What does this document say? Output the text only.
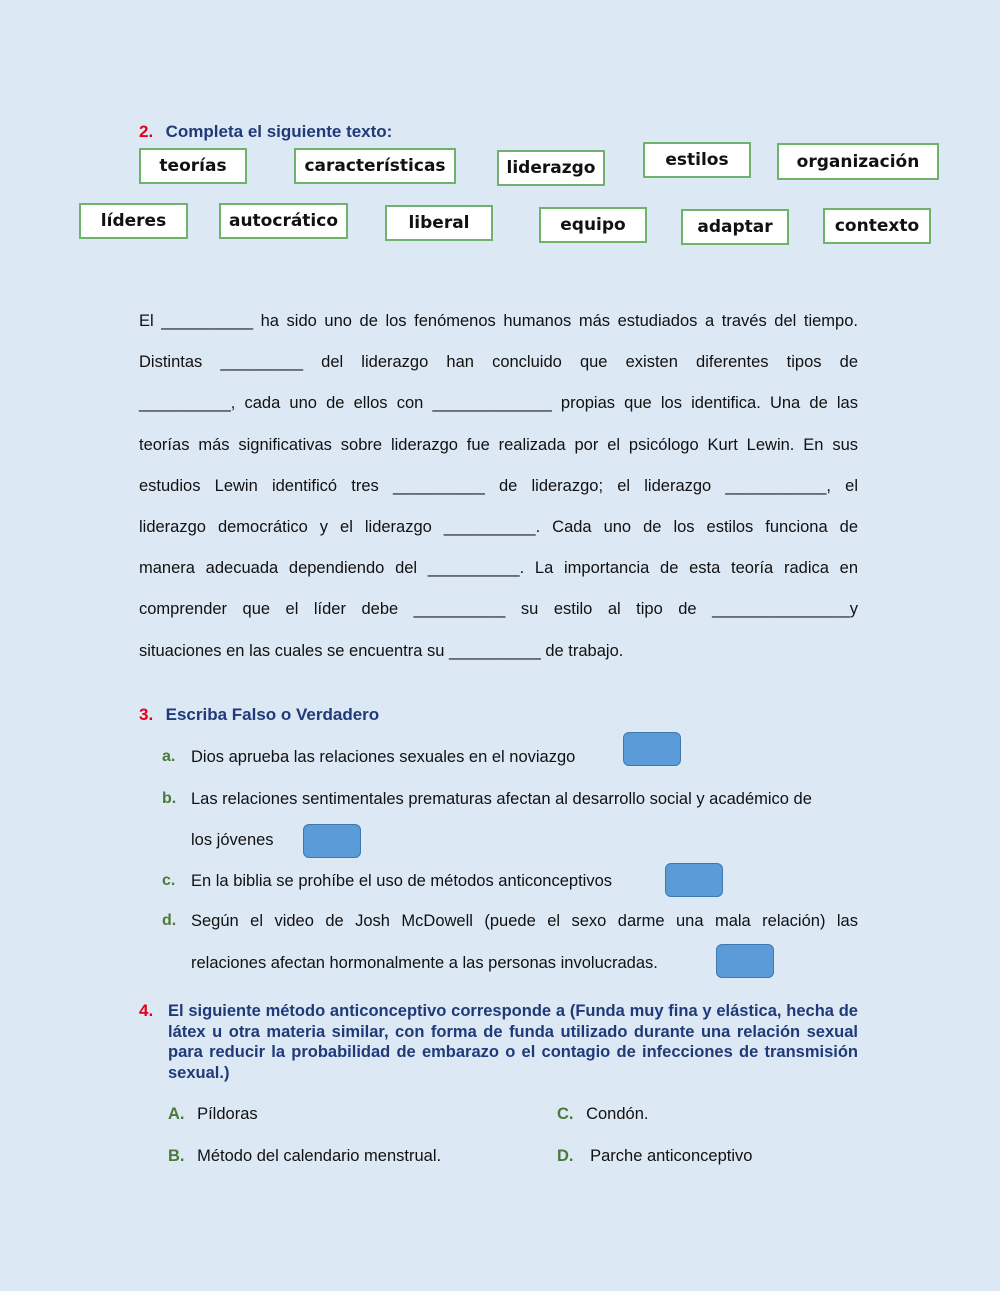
2. Completa el siguiente texto:
teorías	características	liderazgo	estilos	organización
líderes	autocrático	liberal	equipo	adaptar	contexto
El __________ ha sido uno de los fenómenos humanos más estudiados a través del tiempo.
Distintas _________ del liderazgo han concluido que existen diferentes tipos de
__________, cada uno de ellos con _____________ propias que los identifica. Una de las
teorías más significativas sobre liderazgo fue realizada por el psicólogo Kurt Lewin. En sus
estudios Lewin identificó tres __________ de liderazgo; el liderazgo ___________, el
liderazgo democrático y el liderazgo __________. Cada uno de los estilos funciona de
manera adecuada dependiendo del __________. La importancia de esta teoría radica en
comprender que el líder debe __________ su estilo al tipo de _______________y
situaciones en las cuales se encuentra su __________ de trabajo.
3. Escriba Falso o Verdadero
a. Dios aprueba las relaciones sexuales en el noviazgo
b. Las relaciones sentimentales prematuras afectan al desarrollo social y académico de
los jóvenes
c. En la biblia se prohíbe el uso de métodos anticonceptivos
d. Según el video de Josh McDowell (puede el sexo darme una mala relación) las
relaciones afectan hormonalmente a las personas involucradas.
4. El siguiente método anticonceptivo corresponde a (Funda muy fina y elástica, hecha de látex u otra materia similar, con forma de funda utilizado durante una relación sexual para reducir la probabilidad de embarazo o el contagio de infecciones de transmisión sexual.)
A. Píldoras
B. Método del calendario menstrual.
C. Condón.
D. Parche anticonceptivo
